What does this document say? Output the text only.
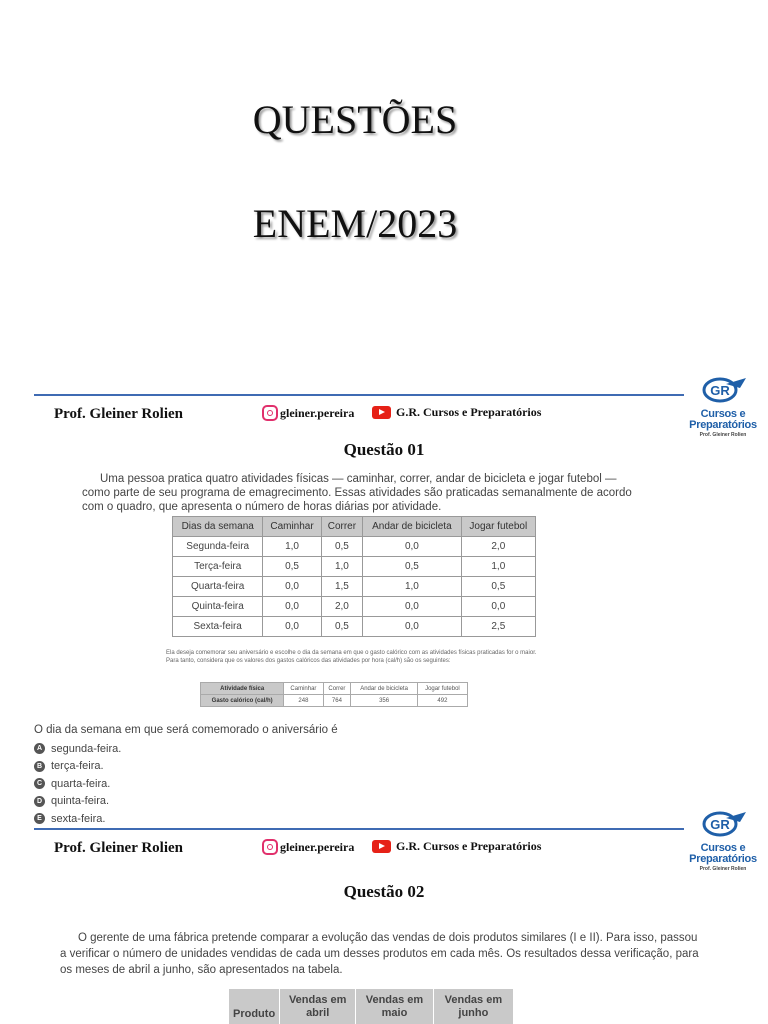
QUESTÕES
ENEM/2023
Prof. Gleiner Rolien	gleiner.pereira	G.R. Cursos e Preparatórios
GR
Cursos e
Preparatórios
Prof. Gleiner Rolien
Questão 01
Uma pessoa pratica quatro atividades físicas — caminhar, correr, andar de bicicleta e jogar futebol — como parte de seu programa de emagrecimento. Essas atividades são praticadas semanalmente de acordo com o quadro, que apresenta o número de horas diárias por atividade.
Dias da semana	Caminhar	Correr	Andar de bicicleta	Jogar futebol
Segunda-feira	1,0	0,5	0,0	2,0
Terça-feira	0,5	1,0	0,5	1,0
Quarta-feira	0,0	1,5	1,0	0,5
Quinta-feira	0,0	2,0	0,0	0,0
Sexta-feira	0,0	0,5	0,0	2,5
Ela deseja comemorar seu aniversário e escolhe o dia da semana em que o gasto calórico com as atividades físicas praticadas for o maior. Para tanto, considera que os valores dos gastos calóricos das atividades por hora (cal/h) são os seguintes:
Atividade física	Caminhar	Correr	Andar de bicicleta	Jogar futebol
Gasto calórico (cal/h)	248	764	356	492
O dia da semana em que será comemorado o aniversário é
A segunda-feira.
B terça-feira.
C quarta-feira.
D quinta-feira.
E sexta-feira.
Prof. Gleiner Rolien	gleiner.pereira	G.R. Cursos e Preparatórios
GR
Cursos e
Preparatórios
Prof. Gleiner Rolien
Questão 02
O gerente de uma fábrica pretende comparar a evolução das vendas de dois produtos similares (I e II). Para isso, passou a verificar o número de unidades vendidas de cada um desses produtos em cada mês. Os resultados dessa verificação, para os meses de abril a junho, são apresentados na tabela.
Produto	Vendas em abril	Vendas em maio	Vendas em junho
